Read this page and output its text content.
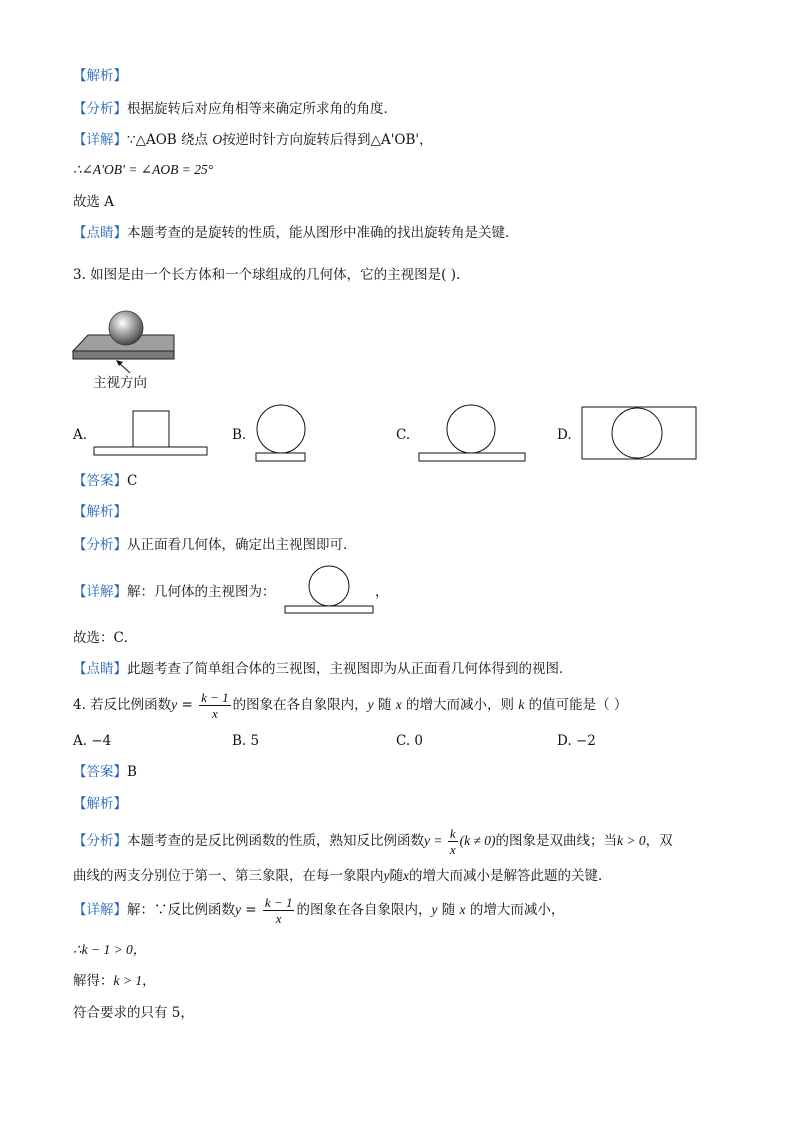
【解析】
【分析】根据旋转后对应角相等来确定所求角的角度．
【详解】∵△AOB 绕点 O按逆时针方向旋转后得到△A'OB'，
∴∠A'OB' = ∠AOB = 25°
故选 A
【点睛】本题考查的是旋转的性质，能从图形中准确的找出旋转角是关键．
3. 如图是由一个长方体和一个球组成的几何体，它的主视图是( ).
主视方向
A.	B.	C.	D.
【答案】C
【解析】
【分析】从正面看几何体，确定出主视图即可．
【详解】解：几何体的主视图为：	，
故选：C．
【点睛】此题考查了简单组合体的三视图，主视图即为从正面看几何体得到的视图．
4. 若反比例函数$y = \frac{k - 1}{x}$ 的图象在各自象限内，y 随 x 的增大而减小，则 k 的值可能是（ ）
A. −4	B. 5	C. 0	D. −2
【答案】B
【解析】
【分析】本题考查的是反比例函数的性质，熟知反比例函数$y = \frac{k}{x} (k \ne 0)$的图象是双曲线；当k > 0，双
曲线的两支分别位于第一、第三象限，在每一象限内y随x的增大而减小是解答此题的关键．
【详解】解：∵反比例函数$y = \frac{k - 1}{x}$ 的图象在各自象限内，y 随 x 的增大而减小，
∴k − 1 > 0，
解得：k > 1，
符合要求的只有 5，
